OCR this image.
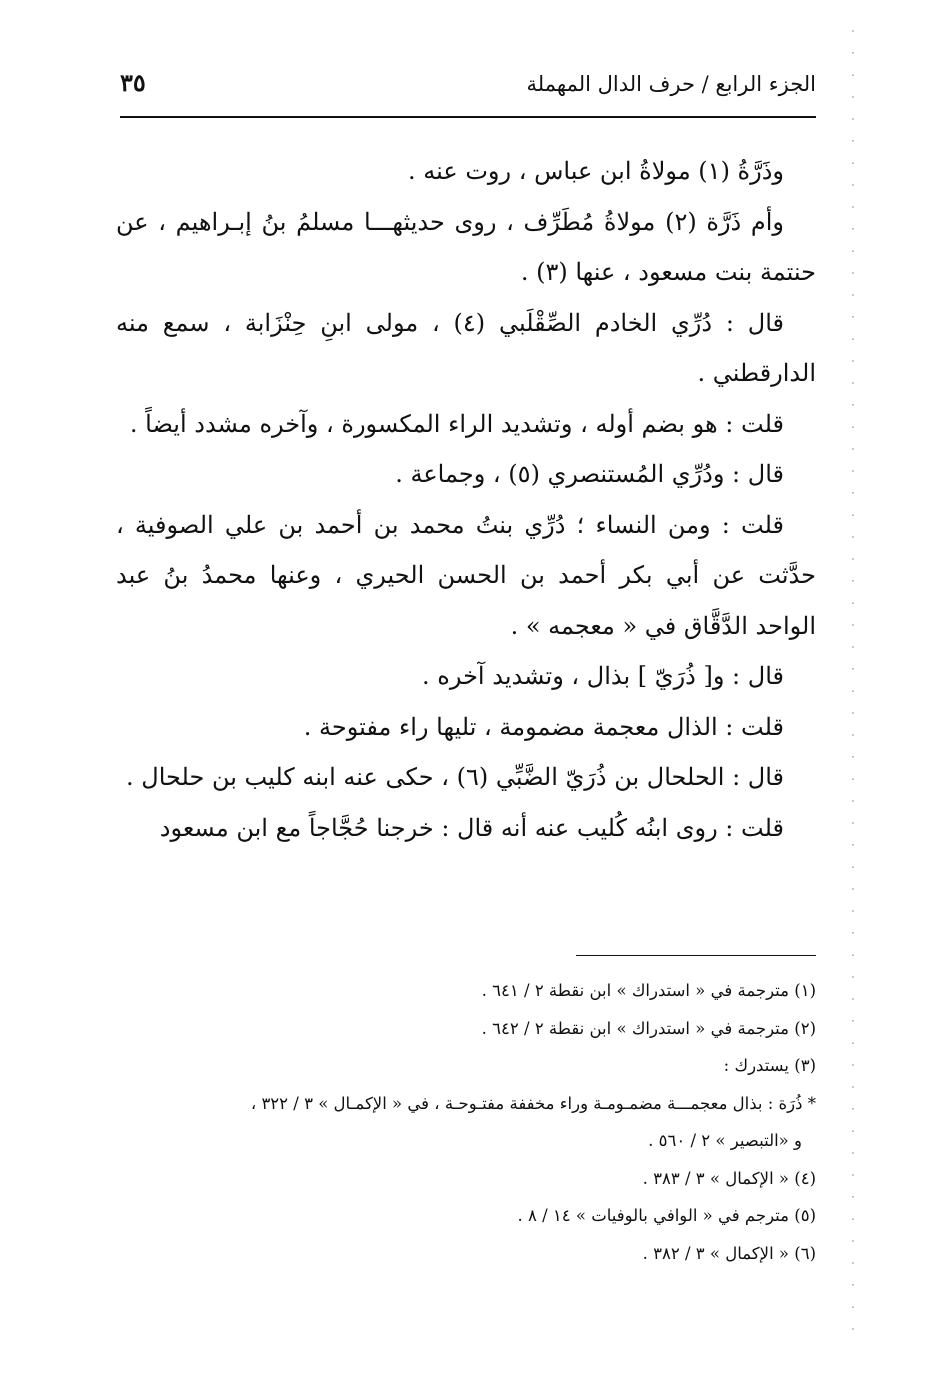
الجزء الرابع / حرف الدال المهملة
٣٥

وذَرَّةُ (١) مولاةُ ابن عباس ، روت عنه .

وأم ذَرَّة (٢) مولاةُ مُطَرِّف ، روى حديثهـــا مسلمُ بنُ إبـراهيم ، عن حنتمة بنت مسعود ، عنها (٣) .

قال : دُرِّي الخادم الصِّقْلَبي (٤) ، مولى ابنِ حِنْزَابة ، سمع منه الدارقطني .

قلت : هو بضم أوله ، وتشديد الراء المكسورة ، وآخره مشدد أيضاً .

قال : ودُرِّي المُستنصري (٥) ، وجماعة .

قلت : ومن النساء ؛ دُرِّي بنتُ محمد بن أحمد بن علي الصوفية ، حدَّثت عن أبي بكر أحمد بن الحسن الحيري ، وعنها محمدُ بنُ عبد الواحد الدَّقَّاق في « معجمه » .

قال : و[ ذُرَيّ ] بذال ، وتشديد آخره .

قلت : الذال معجمة مضمومة ، تليها راء مفتوحة .

قال : الحلحال بن ذُرَيّ الضَّبِّي (٦) ، حكى عنه ابنه كليب بن حلحال .

قلت : روى ابنُه كُليب عنه أنه قال : خرجنا حُجَّاجاً مع ابن مسعود

(١) مترجمة في « استدراك » ابن نقطة ٢ / ٦٤١ .

(٢) مترجمة في « استدراك » ابن نقطة ٢ / ٦٤٢ .

(٣) يستدرك :

* ذُرَة : بذال معجمـــة مضمـومـة وراء مخففة مفتـوحـة ، في « الإكمـال » ٣ / ٣٢٢ ،

و «التبصير » ٢ / ٥٦٠ .

(٤) « الإكمال » ٣ / ٣٨٣ .

(٥) مترجم في « الوافي بالوفيات » ١٤ / ٨ .

(٦) « الإكمال » ٣ / ٣٨٢ .
